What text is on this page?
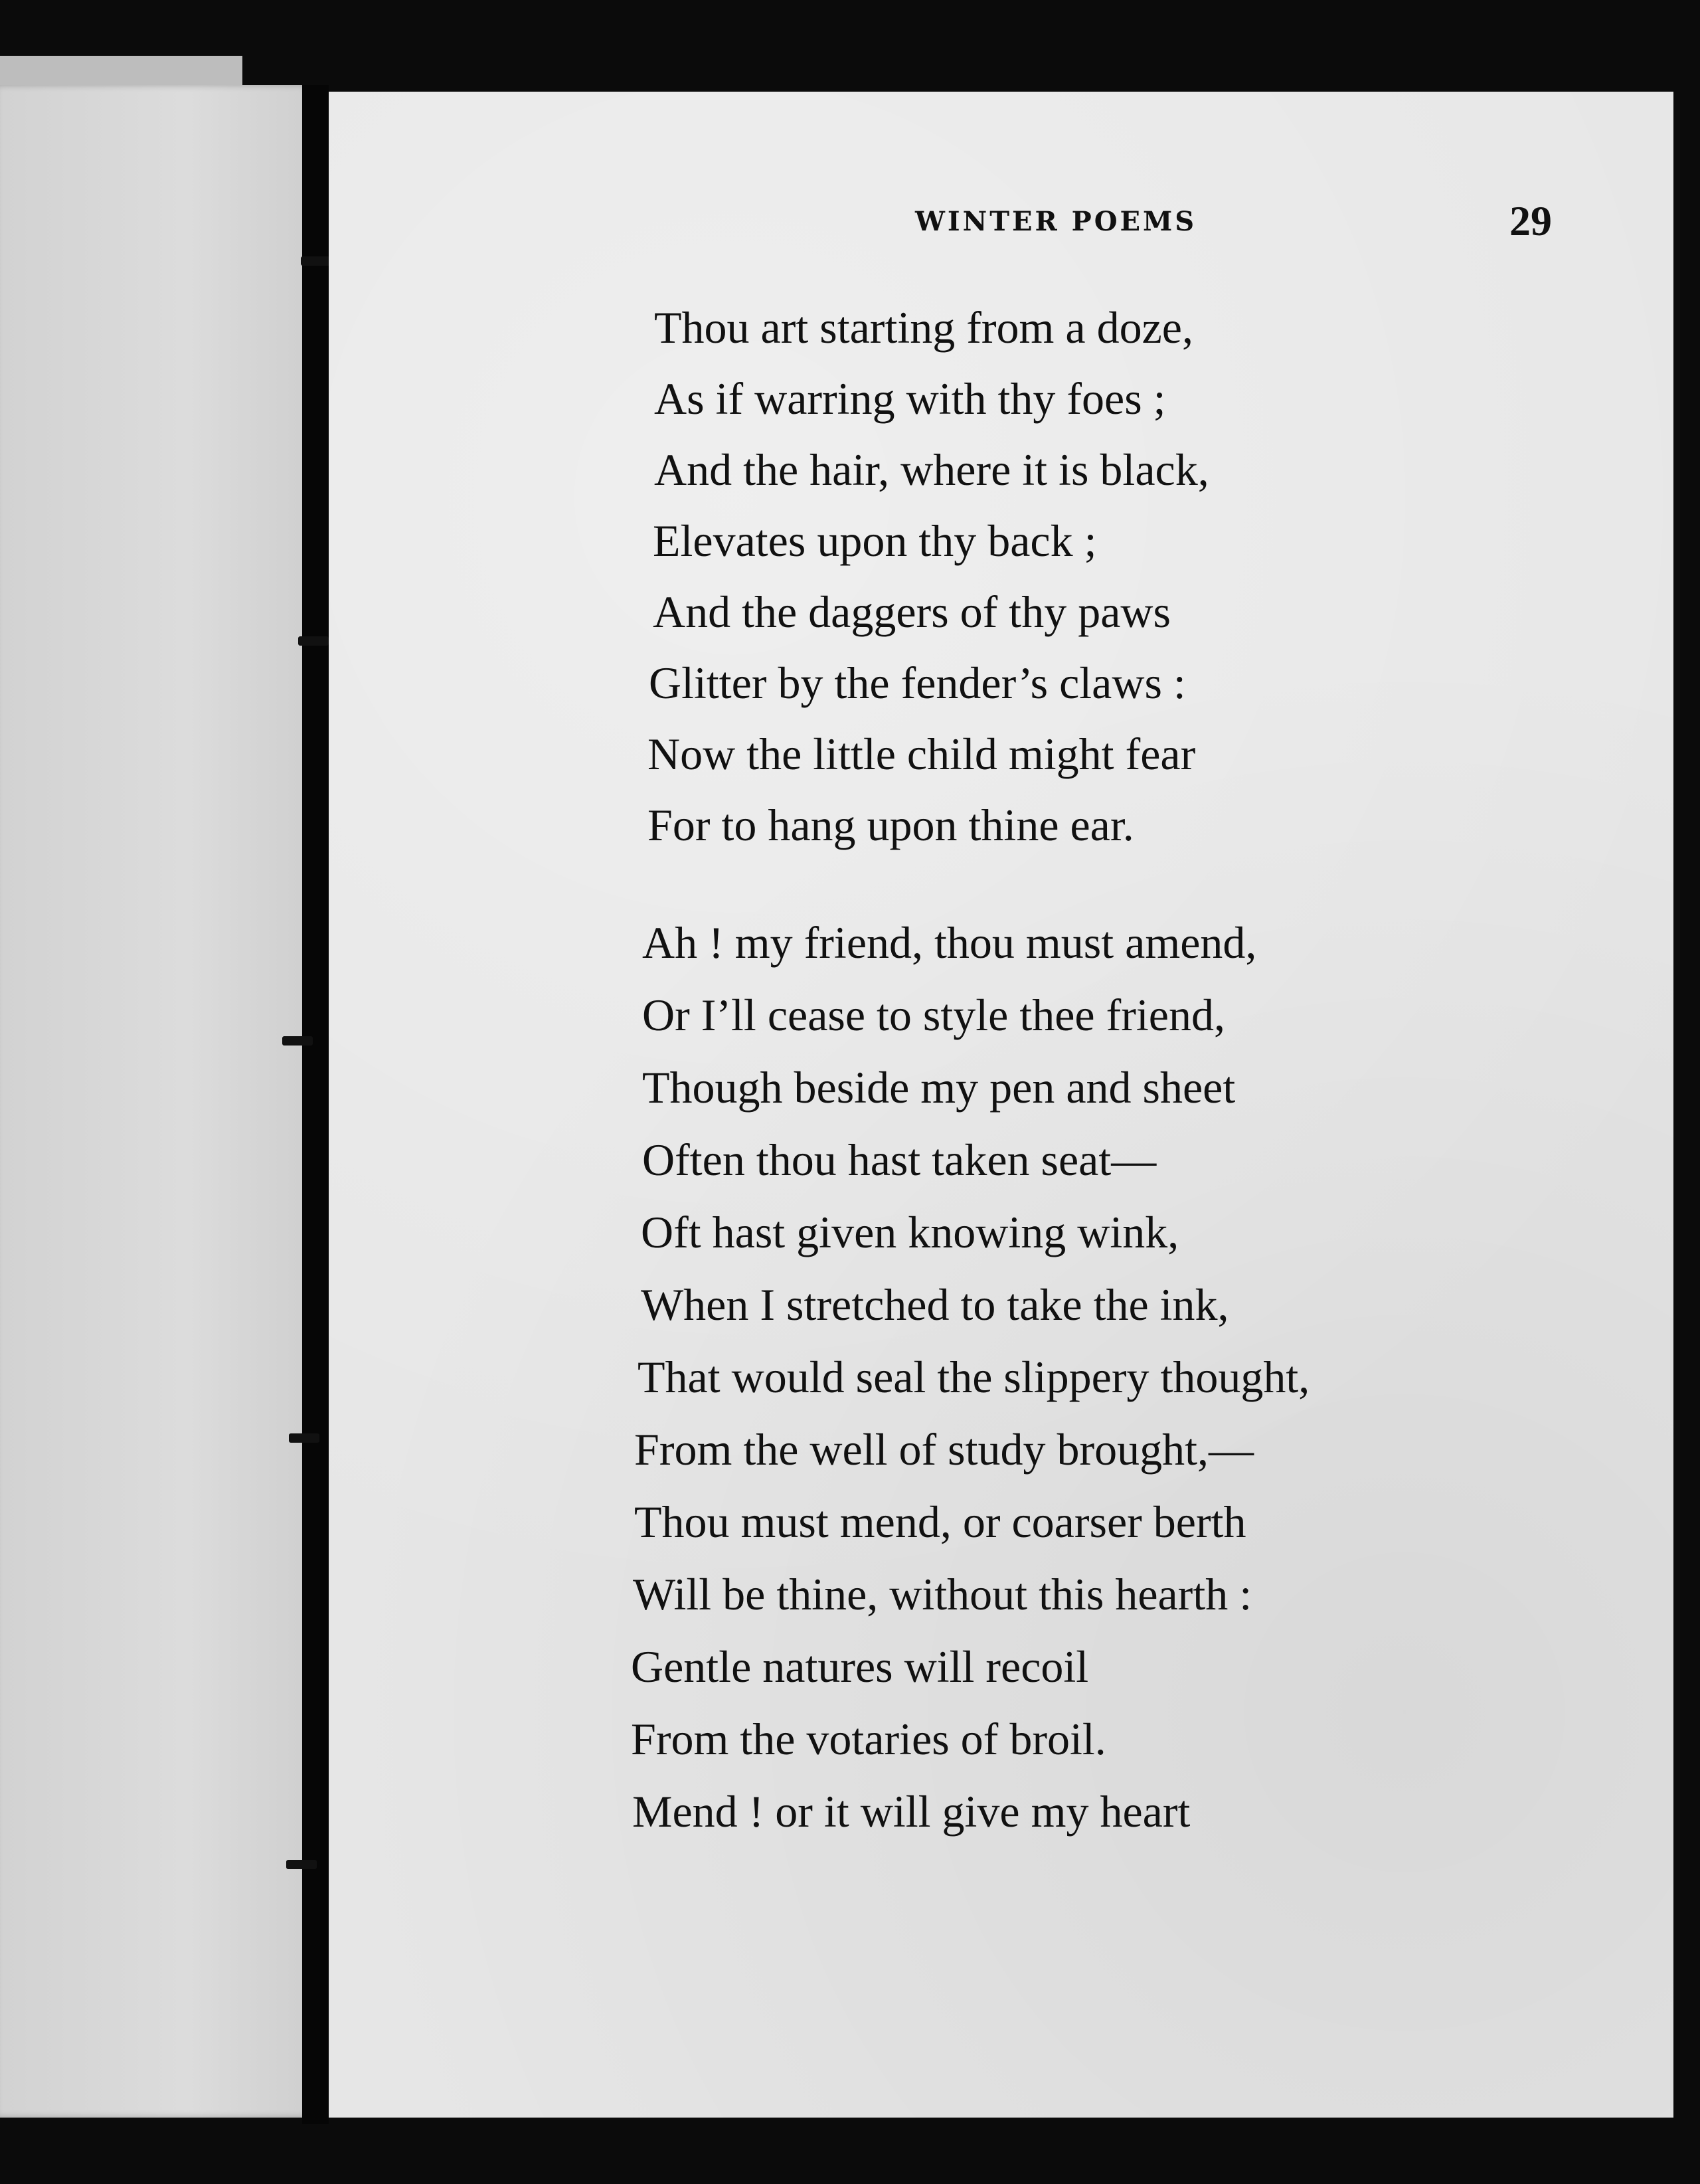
WINTER POEMS	29
Thou art starting from a doze,
As if warring with thy foes ;
And the hair, where it is black,
Elevates upon thy back ;
And the daggers of thy paws
Glitter by the fender’s claws :
Now the little child might fear
For to hang upon thine ear.
Ah ! my friend, thou must amend,
Or I’ll cease to style thee friend,
Though beside my pen and sheet
Often thou hast taken seat—
Oft hast given knowing wink,
When I stretched to take the ink,
That would seal the slippery thought,
From the well of study brought,—
Thou must mend, or coarser berth
Will be thine, without this hearth :
Gentle natures will recoil
From the votaries of broil.
Mend ! or it will give my heart
